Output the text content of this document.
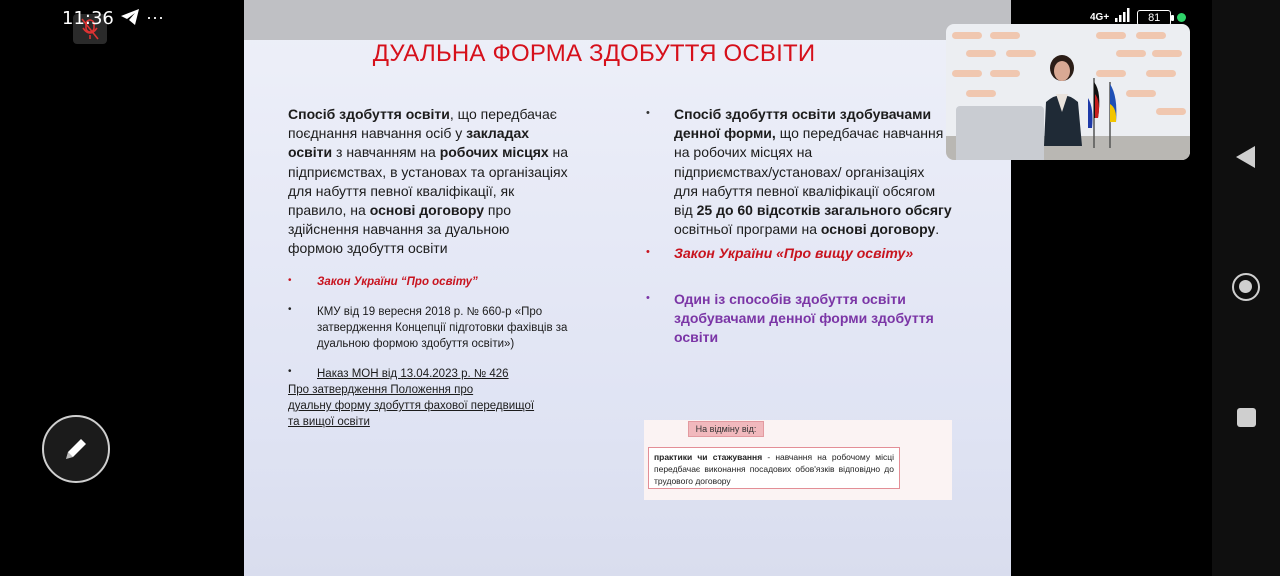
11:36 ···	4G+	81
ДУАЛЬНА ФОРМА ЗДОБУТТЯ ОСВІТИ
Спосіб здобуття освіти, що передбачає
поєднання навчання осіб у закладах
освіти з навчанням на робочих місцях на
підприємствах, в установах та організаціях
для набуття певної кваліфікації, як
правило, на основі договору про
здійснення навчання за дуальною
формою здобуття освіти
• Закон України “Про освіту”
• КМУ від 19 вересня 2018 р. № 660-р «Про
затвердження Концепції підготовки фахівців за
дуальною формою здобуття освіти»)
•	Наказ МОН від 13.04.2023 р. № 426
Про затвердження Положення про
дуальну форму здобуття фахової передвищої
та вищої освіти
• Спосіб здобуття освіти здобувачами
денної форми, що передбачає навчання
на робочих місцях на
підприємствах/установах/ організаціях
для набуття певної кваліфікації обсягом
від 25 до 60 відсотків загального обсягу
освітньої програми на основі договору.
• Закон України «Про вищу освіту»
• Один із способів здобуття освіти
здобувачами денної форми здобуття
освіти
На відміну від:
практики чи стажування - навчання на робочому місці передбачає виконання посадових обов'язків відповідно до трудового договору
